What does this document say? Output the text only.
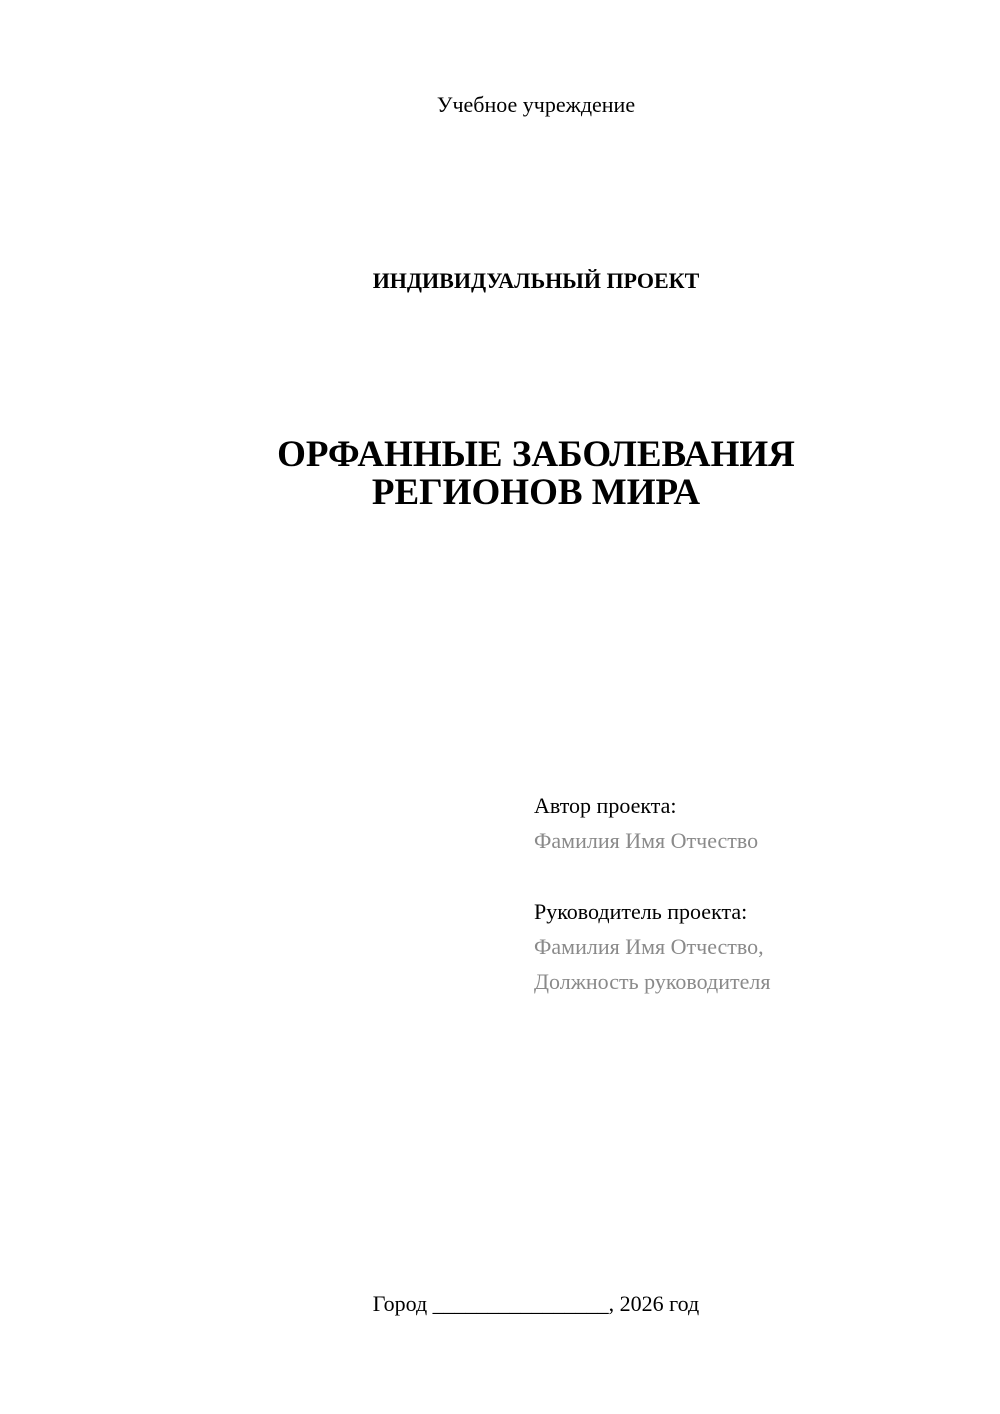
Учебное учреждение
ИНДИВИДУАЛЬНЫЙ ПРОЕКТ
ОРФАННЫЕ ЗАБОЛЕВАНИЯ
РЕГИОНОВ МИРА
Автор проекта:
Фамилия Имя Отчество
Руководитель проекта:
Фамилия Имя Отчество,
Должность руководителя
Город ________________, 2026 год
